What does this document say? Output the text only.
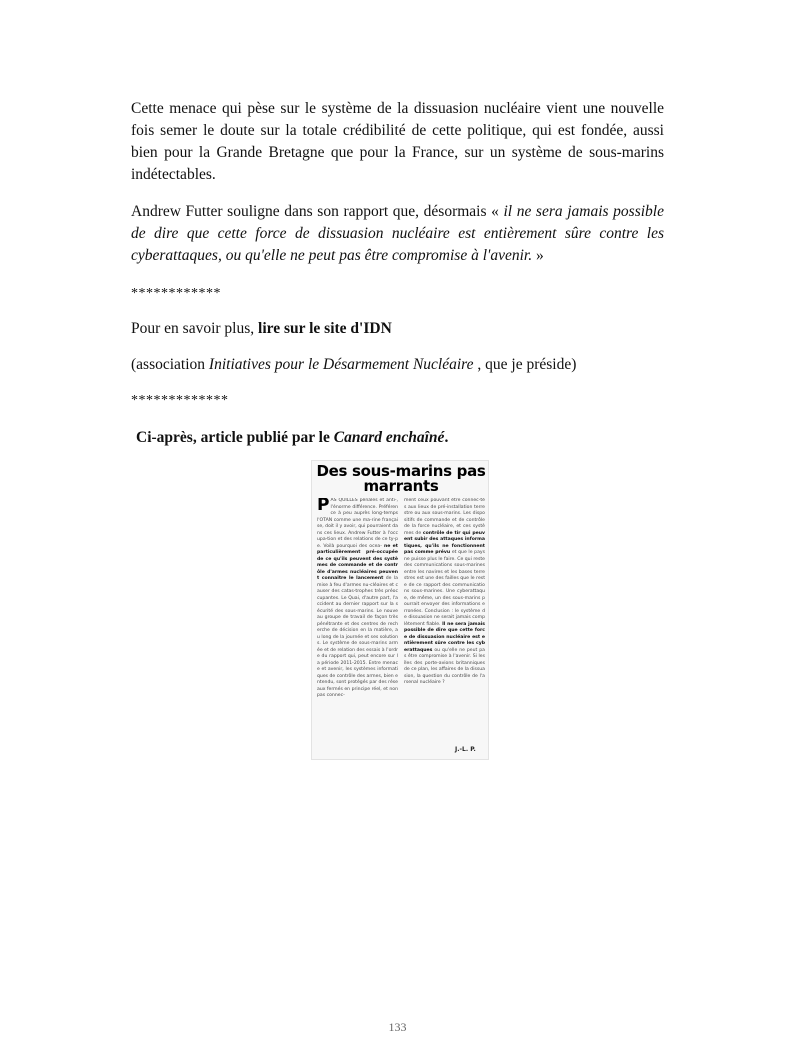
Cette menace qui pèse sur le système de la dissuasion nucléaire vient une nouvelle fois semer le doute sur la totale crédibilité de cette politique, qui est fondée, aussi bien pour la Grande Bretagne que pour la France, sur un système de sous-marins indétectables.
Andrew Futter souligne dans son rapport que, désormais « il ne sera jamais possible de dire que cette force de dissuasion nucléaire est entièrement sûre contre les cyberattaques, ou qu'elle ne peut pas être compromise à l'avenir. »
************
Pour en savoir plus, lire sur le site d'IDN
(association Initiatives pour le Désarmement Nucléaire , que je préside)
*************
Ci-après, article publié par le Canard enchaîné.
Des sous-marins pas marrants
PAS QUILLES pénales et anti-, l'énorme différence. Préférence à peu auprès long-temps l'OTAN comme une ma-rine française, doit il y avoir, qui pourraient dans ces lieux. Andrew Futter à l'occupa-tion et des relations de ce ty-pe. Voilà pourquoi des ocea- ne et particulièrement pré-occupée de ce qu'ils peuvent des systèmes de commande et de contrôle d'armes nucléaires peuvent connaître le lancement de la mise à feu d'armes nu-cléaires et causer des catas-trophes très préoccupantes. Le Quai, d'autre part, l'accident au dernier rapport sur la sécurité des sous-marins. Le nouveau groupe de travail de façon très pénétrante et des centres de recherche de décision en la matière, au long de la journée et ses solutions. Le système de sous-marins armée et de relation des essais à l'ordre du rapport qui, peut encore sur la période 2011-2015. Entre menace et avenir, les systèmes informatiques de contrôle des armes, bien entendu, sont protégés par des réseaux fermés en principe réel, et non pas connec-
ment ceux pouvant être connec-tés aux lieux de pré-installation terrestre ou aux sous-marins. Les dispositifs de commande et de contrôle de la force nucléaire, et ces systèmes de contrôle de tir qui peuvent subir des attaques informatiques, qu'ils ne fonctionnent pas comme prévu et que le pays ne puisse plus le faire. Ce qui reste des communications sous-marines entre les navires et les bases terrestres est une des failles que le reste de ce rapport des communications sous-marines. Une cyberattaque, de même, un des sous-marins pourrait envoyer des informations erronées. Conclusion : le système de dissuasion ne serait jamais complètement fiable. Il ne sera jamais possible de dire que cette force de dissuasion nucléaire est entièrement sûre contre les cyberattaques ou qu'elle ne peut pas être compromise à l'avenir. Si les îles des porte-avions britanniques de ce plan, les affaires de la dissuasion, la question du contrôle de l'arsenal nucléaire ?
J.-L. P.
133
